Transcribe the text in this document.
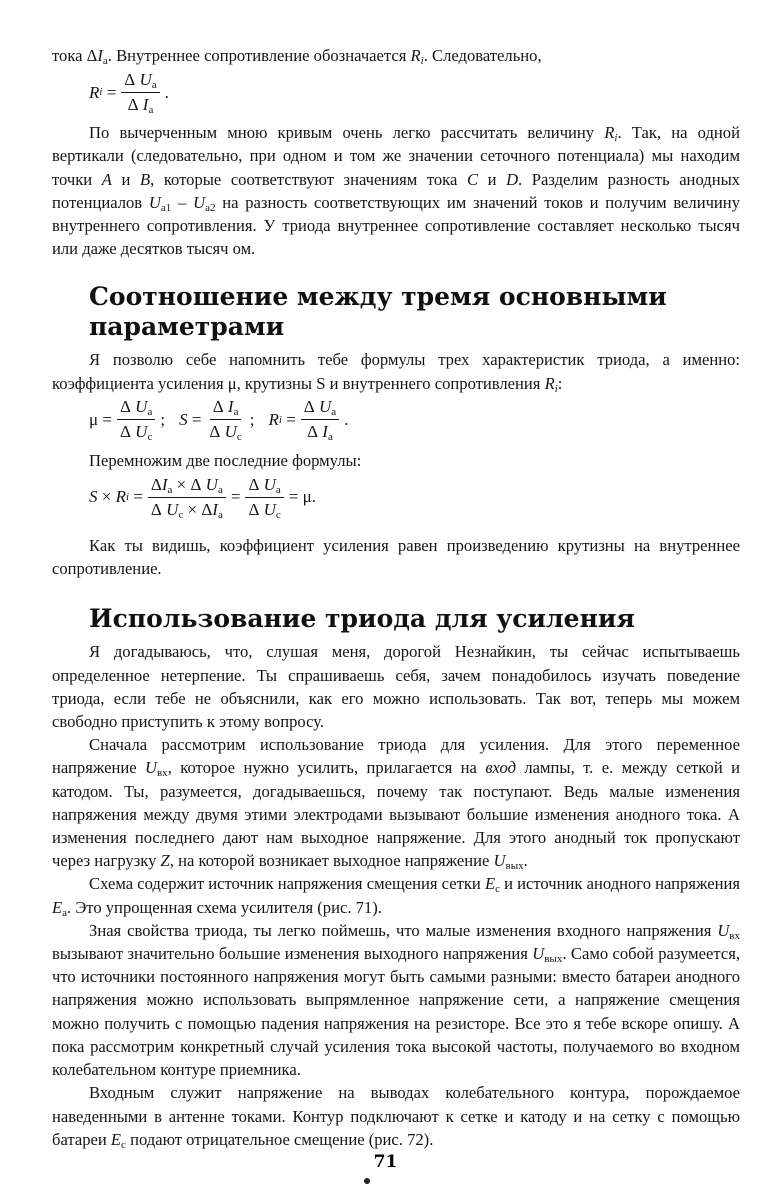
тока $\Delta I_а$. Внутреннее сопротивление обозначается $R_i$. Следовательно,

R i
= $\frac{\Delta U_а}{\Delta I_а}$ .

По вычерченным мною кривым очень легко рассчитать величину $R_i$. Так, на одной вертикали (следовательно, при одном и том же значении сеточного потенциала) мы находим точки A и B, которые соответствуют значениям тока C и D. Разделим разность анодных потенциалов $U_{а1} - U_{а2}$ на разность соответствующих им значений токов и получим величину внутреннего сопротивления. У триода внутреннее сопротивление составляет несколько тысяч или даже десятков тысяч ом.

Соотношение между тремя основными параметрами

Я позволю себе напомнить тебе формулы трех характеристик триода, а именно: коэффициента усиления μ, крутизны S и внутреннего сопротивления $R_i$:

μ
= $\frac{\Delta U_а}{\Delta U_с}$ ; S
= $\frac{\Delta I_а}{\Delta U_с}$ ; R i
= $\frac{\Delta U_а}{\Delta I_а}$ .

Перемножим две последние формулы:

S
×
R i
= $\frac{\Delta I_а \times \Delta U_а}{\Delta U_с \times \Delta I_а} = \frac{\Delta U_а}{\Delta U_с}$ =
μ .

Как ты видишь, коэффициент усиления равен произведению крутизны на внутреннее сопротивление.

Использование триода для усиления

Я догадываюсь, что, слушая меня, дорогой Незнайкин, ты сейчас испытываешь определенное нетерпение. Ты спрашиваешь себя, зачем понадобилось изучать поведение триода, если тебе не объяснили, как его можно использовать. Так вот, теперь мы можем свободно приступить к этому вопросу.

Сначала рассмотрим использование триода для усиления. Для этого переменное напряжение $U_{вх}$, которое нужно усилить, прилагается на вход лампы, т. е. между сеткой и катодом. Ты, разумеется, догадываешься, почему так поступают. Ведь малые изменения напряжения между двумя этими электродами вызывают большие изменения анодного тока. А изменения последнего дают нам выходное напряжение. Для этого анодный ток пропускают через нагрузку Z, на которой возникает выходное напряжение $U_{вых}$.

Схема содержит источник напряжения смещения сетки $E_с$ и источник анодного напряжения $E_а$. Это упрощенная схема усилителя (рис. 71).

Зная свойства триода, ты легко поймешь, что малые изменения входного напряжения $U_{вх}$ вызывают значительно большие изменения выходного напряжения $U_{вых}$. Само собой разумеется, что источники постоянного напряжения могут быть самыми разными: вместо батареи анодного напряжения можно использовать выпрямленное напряжение сети, а напряжение смещения можно получить с помощью падения напряжения на резисторе. Все это я тебе вскоре опишу. А пока рассмотрим конкретный случай усиления тока высокой частоты, получаемого во входном колебательном контуре приемника.

Входным служит напряжение на выводах колебательного контура, порождаемое наведенными в антенне токами. Контур подключают к сетке и катоду и на сетку с помощью батареи $E_с$ подают отрицательное смещение (рис. 72).

71
